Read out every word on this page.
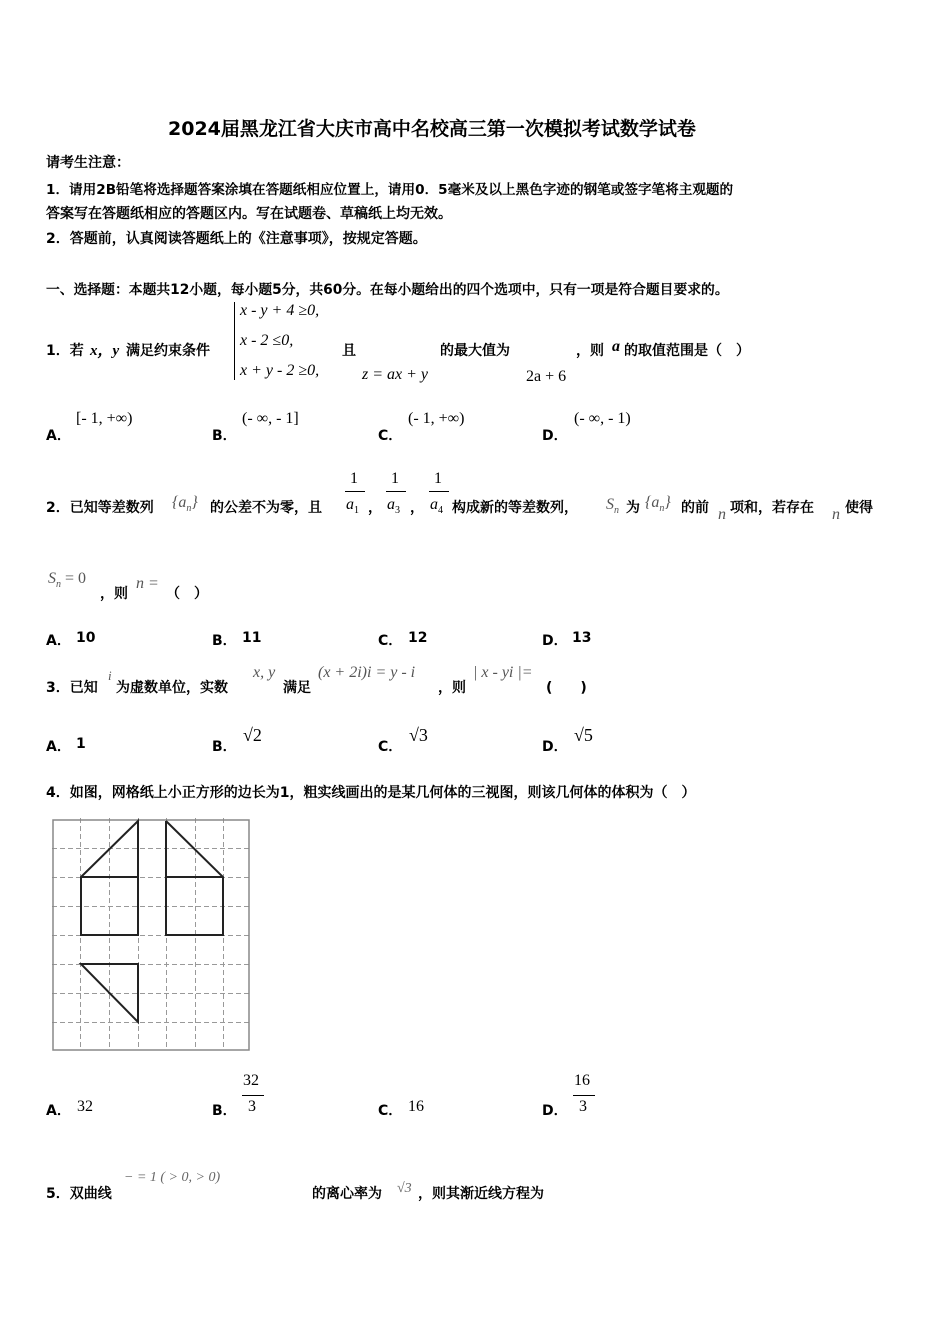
2024届黑龙江省大庆市高中名校高三第一次模拟考试数学试卷
请考生注意：
1．请用2B铅笔将选择题答案涂填在答题纸相应位置上，请用0．5毫米及以上黑色字迹的钢笔或签字笔将主观题的
答案写在答题纸相应的答题区内。写在试题卷、草稿纸上均无效。
2．答题前，认真阅读答题纸上的《注意事项》，按规定答题。
一、选择题：本题共12小题，每小题5分，共60分。在每小题给出的四个选项中，只有一项是符合题目要求的。
1．若 x，y 满足约束条件
x - y + 4 ≥0,
x - 2 ≤0,
x + y - 2 ≥0,
且
z = ax + y
的最大值为
2a + 6
，则 a 的取值范围是（　）
A．
[- 1, +∞)
B．
(- ∞, - 1]
C．
(- 1, +∞)
D．
(- ∞, - 1)
2．已知等差数列 $\{a_n\}$ 的公差不为零，且
1
$a_1$ ，
1
$a_3$ ，
1
$a_4$ 构成新的等差数列， $S_n$ 为 $\{a_n\}$ 的前 n 项和，若存在 n 使得
$S_n = 0$
，则
n =
（　）
A． 10	B． 11	C． 12	D． 13
3．已知
i
为虚数单位，实数
x, y
满足
(x + 2i)i = y - i
，则
| x - yi |=
(　　)
A． 1	B．
√2
C．
√3
D．
√5
4．如图，网格纸上小正方形的边长为1，粗实线画出的是某几何体的三视图，则该几何体的体积为（　）
A． 32	B．
32
3	C． 16	D．
16
3
5．双曲线
− = 1 ( > 0, > 0)
的离心率为 √3 ，则其渐近线方程为
